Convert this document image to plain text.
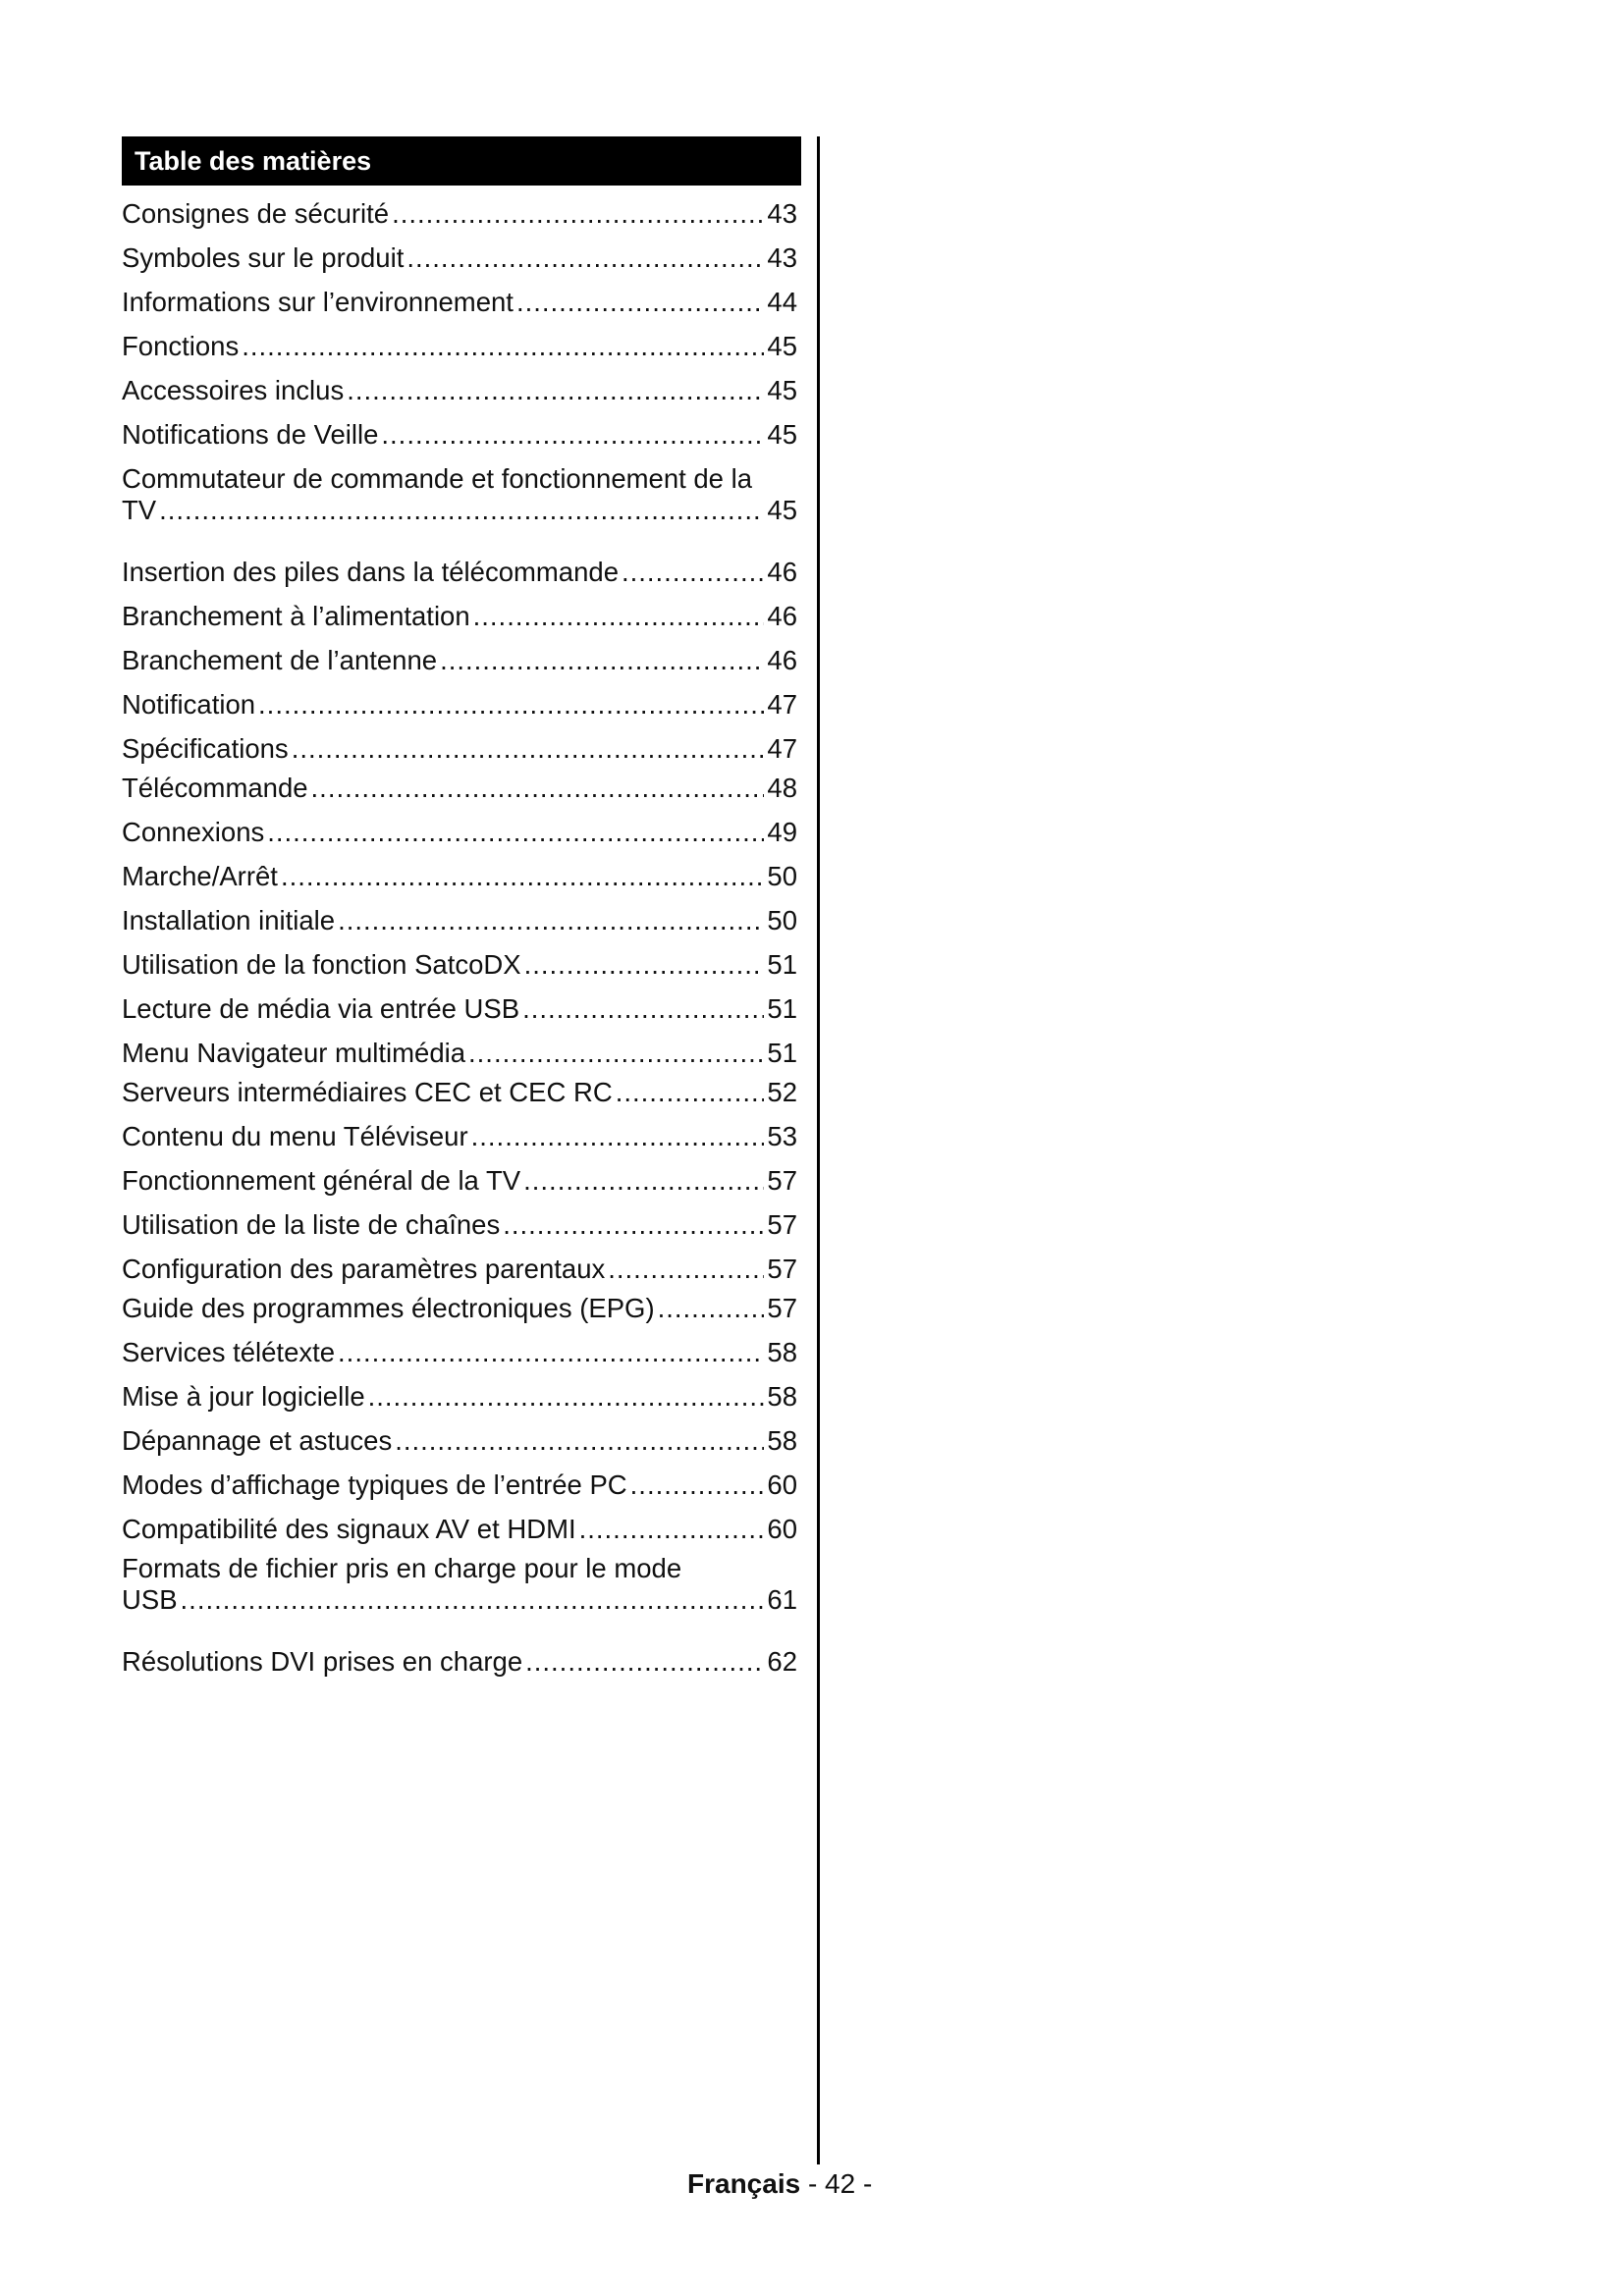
Table des matières
Consignes de sécurité .....	43
Symboles sur le produit .....	43
Informations sur l’environnement .....	44
Fonctions .....	45
Accessoires inclus .....	45
Notifications de Veille .....	45
Commutateur de commande et fonctionnement de la
TV .....	45
Insertion des piles dans la télécommande .....	46
Branchement à l’alimentation .....	46
Branchement de l’antenne .....	46
Notification .....	47
Spécifications .....	47
Télécommande .....	48
Connexions .....	49
Marche/Arrêt .....	50
Installation initiale .....	50
Utilisation de la fonction SatcoDX .....	51
Lecture de média via entrée USB .....	51
Menu Navigateur multimédia .....	51
Serveurs intermédiaires CEC et CEC RC .....	52
Contenu du menu Téléviseur .....	53
Fonctionnement général de la TV .....	57
Utilisation de la liste de chaînes .....	57
Configuration des paramètres parentaux .....	57
Guide des programmes électroniques (EPG) .....	57
Services télétexte .....	58
Mise à jour logicielle .....	58
Dépannage et astuces .....	58
Modes d’affichage typiques de l’entrée PC .....	60
Compatibilité des signaux AV et HDMI .....	60
Formats de fichier pris en charge pour le mode
USB .....	61
Résolutions DVI prises en charge .....	62
Français - 42 -
